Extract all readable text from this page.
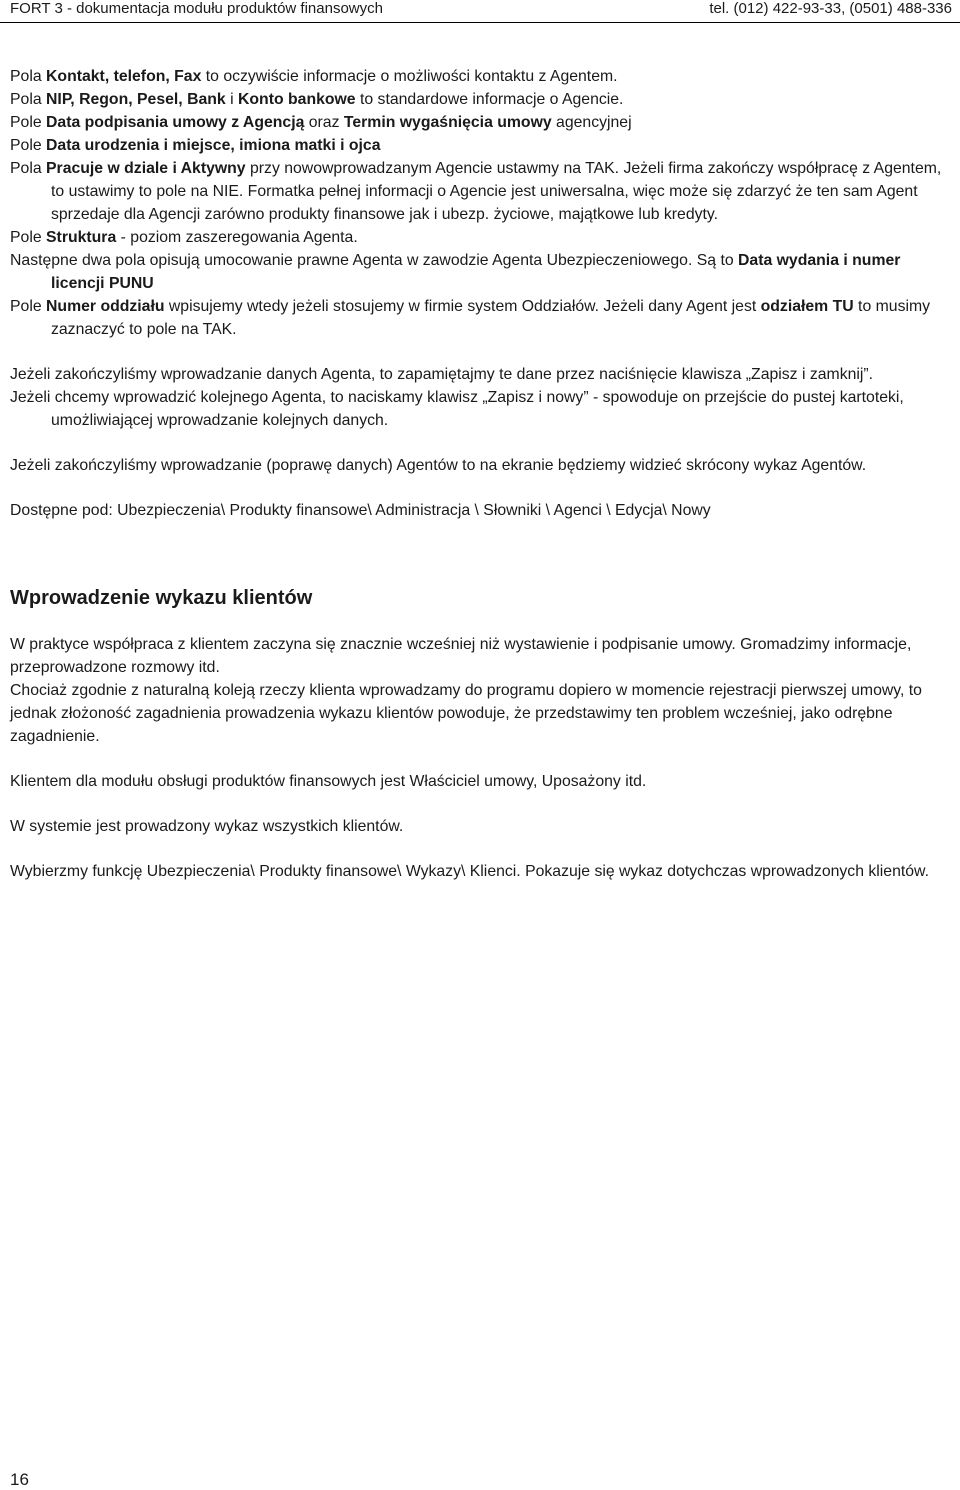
FORT 3 - dokumentacja modułu produktów finansowych	tel. (012) 422-93-33, (0501) 488-336

Pola Kontakt, telefon, Fax to oczywiście informacje o możliwości kontaktu z Agentem.

Pola NIP, Regon, Pesel, Bank i Konto bankowe to standardowe informacje o Agencie.

Pole Data podpisania umowy z Agencją oraz Termin wygaśnięcia umowy agencyjnej

Pole Data urodzenia i miejsce, imiona matki i ojca

Pola Pracuje w dziale i Aktywny przy nowowprowadzanym Agencie ustawmy na TAK. Jeżeli firma zakończy współpracę z Agentem, to ustawimy to pole na NIE. Formatka pełnej informacji o Agencie jest uniwersalna, więc może się zdarzyć że ten sam Agent sprzedaje dla Agencji zarówno produkty finansowe jak i ubezp. życiowe, majątkowe lub kredyty.

Pole Struktura - poziom zaszeregowania Agenta.

Następne dwa pola opisują umocowanie prawne Agenta w zawodzie Agenta Ubezpieczeniowego. Są to Data wydania i numer licencji PUNU

Pole Numer oddziału wpisujemy wtedy jeżeli stosujemy w firmie system Oddziałów. Jeżeli dany Agent jest odziałem TU to musimy zaznaczyć to pole na TAK.

Jeżeli zakończyliśmy wprowadzanie danych Agenta, to zapamiętajmy te dane przez naciśnięcie klawisza „Zapisz i zamknij”.

Jeżeli chcemy wprowadzić kolejnego Agenta, to naciskamy klawisz „Zapisz i nowy” - spowoduje on przejście do pustej kartoteki, umożliwiającej wprowadzanie kolejnych danych.

Jeżeli zakończyliśmy wprowadzanie (poprawę danych) Agentów to na ekranie będziemy widzieć skrócony wykaz Agentów.

Dostępne pod: Ubezpieczenia\ Produkty finansowe\ Administracja \ Słowniki \ Agenci \ Edycja\ Nowy

Wprowadzenie wykazu klientów

W praktyce współpraca z klientem zaczyna się znacznie wcześniej niż wystawienie i podpisanie umowy. Gromadzimy informacje, przeprowadzone rozmowy itd.

Chociaż zgodnie z naturalną koleją rzeczy klienta wprowadzamy do programu dopiero w momencie rejestracji pierwszej umowy, to jednak złożoność zagadnienia prowadzenia wykazu klientów powoduje, że przedstawimy ten problem wcześniej, jako odrębne zagadnienie.

Klientem dla modułu obsługi produktów finansowych jest Właściciel umowy, Uposażony itd.

W systemie jest prowadzony wykaz wszystkich klientów.

Wybierzmy funkcję Ubezpieczenia\ Produkty finansowe\ Wykazy\ Klienci. Pokazuje się wykaz dotychczas wprowadzonych klientów.

16
